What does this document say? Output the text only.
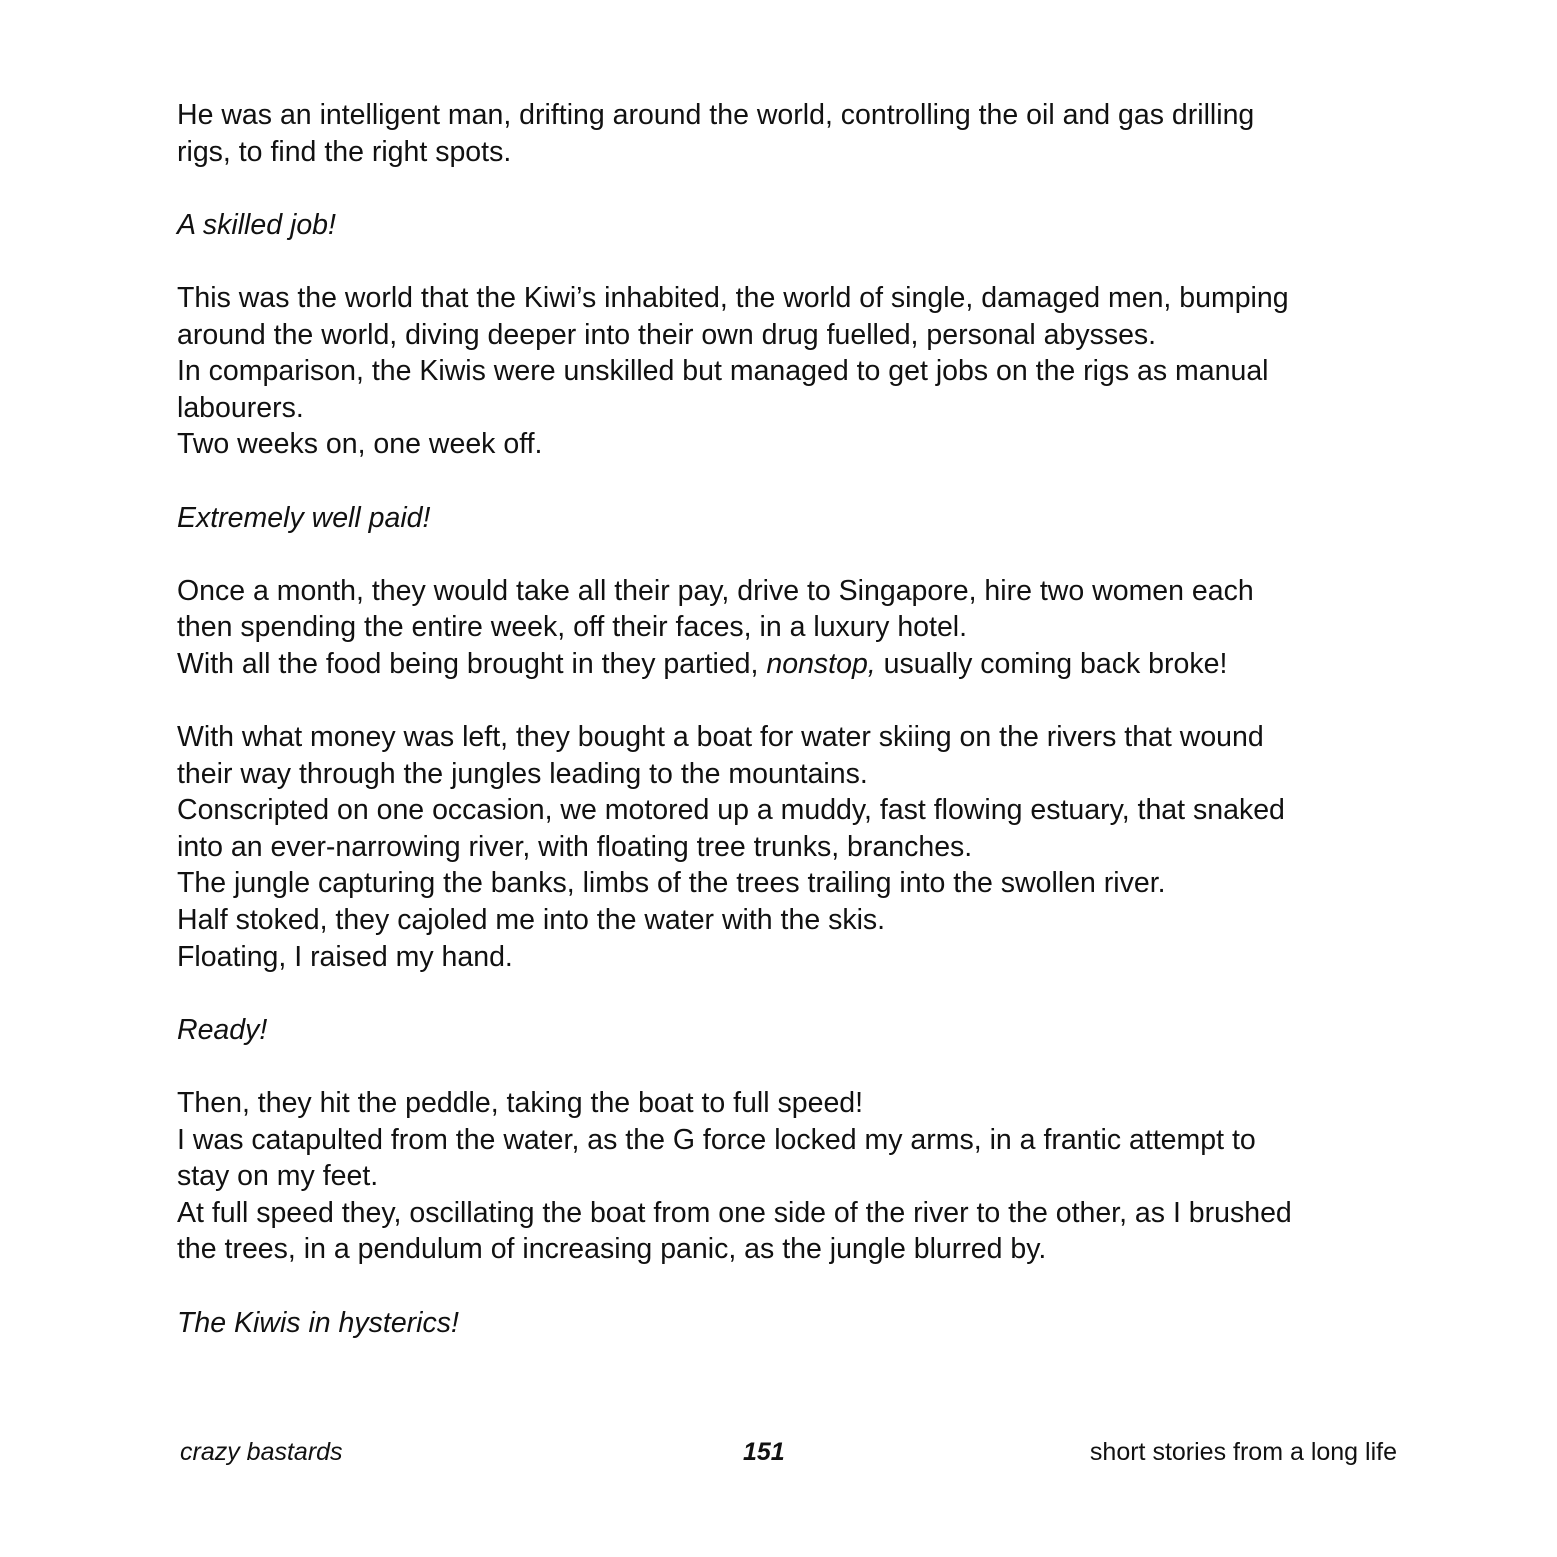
He was an intelligent man, drifting around the world, controlling the oil and gas drilling
rigs, to find the right spots.
A skilled job!
This was the world that the Kiwi’s inhabited, the world of single, damaged men, bumping
around the world, diving deeper into their own drug fuelled, personal abysses.
In comparison, the Kiwis were unskilled but managed to get jobs on the rigs as manual
labourers.
Two weeks on, one week off.
Extremely well paid!
Once a month, they would take all their pay, drive to Singapore, hire two women each
then spending the entire week, off their faces, in a luxury hotel.
With all the food being brought in they partied, nonstop, usually coming back broke!
With what money was left, they bought a boat for water skiing on the rivers that wound
their way through the jungles leading to the mountains.
Conscripted on one occasion, we motored up a muddy, fast flowing estuary, that snaked
into an ever-narrowing river, with floating tree trunks, branches.
The jungle capturing the banks, limbs of the trees trailing into the swollen river.
Half stoked, they cajoled me into the water with the skis.
Floating, I raised my hand.
Ready!
Then, they hit the peddle, taking the boat to full speed!
I was catapulted from the water, as the G force locked my arms, in a frantic attempt to
stay on my feet.
At full speed they, oscillating the boat from one side of the river to the other, as I brushed
the trees, in a pendulum of increasing panic, as the jungle blurred by.
The Kiwis in hysterics!
crazy bastards	151	short stories from a long life
